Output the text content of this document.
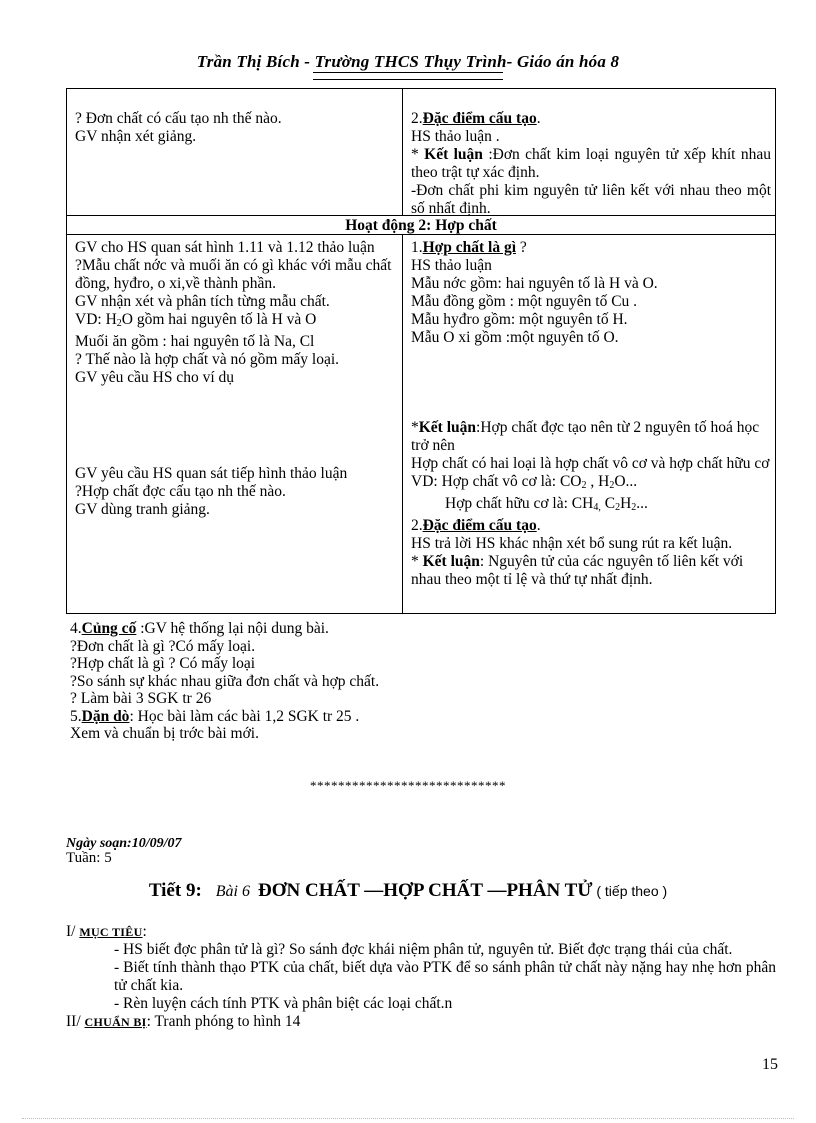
Trần Thị Bích - Trường THCS Thụy Trình- Giáo án hóa 8

? Đơn chất có cấu tạo nh thế nào.

GV nhận xét giảng.

2.Đặc điểm cấu tạo.

HS thảo luận .

* Kết luận :Đơn chất kim loại nguyên tử xếp khít nhau theo trật tự xác định.

-Đơn chất phi kim nguyên tử liên kết với nhau theo một số nhất định.

Hoạt động 2: Hợp chất

GV cho HS quan sát hình 1.11 và 1.12 thảo luận

?Mẫu chất nớc và muối ăn có gì khác với mẫu chất đồng, hyđro, o xi,về thành phần.

GV nhận xét và phân tích từng mẫu chất.

VD: $H_2O$ gồm hai nguyên tố là H và O

Muối ăn gồm : hai nguyên tố là Na, Cl

? Thế nào là hợp chất và nó gồm mấy loại.

GV yêu cầu HS cho ví dụ

GV yêu cầu HS quan sát tiếp hình thảo luận

?Hợp chất đợc cấu tạo nh thế nào.

GV dùng tranh giảng.

1.Hợp chất là gì ?

HS thảo luận

Mẫu nớc gồm: hai nguyên tố là H và O.

Mẫu đồng gồm : một nguyên tố Cu .

Mẫu hyđro gồm: một nguyên tố H.

Mẫu O xi gồm :một nguyên tố O.

*Kết luận:Hợp chất đợc tạo nên từ 2 nguyên tố hoá học trở nên

Hợp chất có hai loại là hợp chất vô cơ và hợp chất hữu cơ

VD: Hợp chất vô cơ là: $CO_2$ , $H_2O$...

Hợp chất hữu cơ là: $CH_{4,}$ $C_2H_2$...

2.Đặc điểm cấu tạo.

HS trả lời HS khác nhận xét bổ sung rút ra kết luận.

* Kết luận: Nguyên tử của các nguyên tố liên kết với nhau theo một tỉ lệ và thứ tự nhất định.

4.Củng cố :GV hệ thống lại nội dung bài.

?Đơn chất là gì ?Có mấy loại.

?Hợp chất là gì ? Có mấy loại

?So sánh sự khác nhau giữa đơn chất và hợp chất.

? Làm bài 3 SGK tr 26

5.Dặn dò: Học bài làm các bài 1,2 SGK tr 25 .

Xem và chuẩn bị trớc bài mới.

****************************
Ngày soạn:10/09/07
Tuần: 5
Tiết 9: Bài 6 ĐƠN CHẤT —HỢP CHẤT —PHÂN TỬ ( tiếp theo )

I/ MỤC TIÊU:

- HS biết đợc phân tử là gì? So sánh đợc khái niệm phân tử, nguyên tử. Biết đợc trạng thái của chất.

- Biết tính thành thạo PTK của chất, biết dựa vào PTK để so sánh phân tử chất này nặng hay nhẹ hơn phân tử chất kia.

- Rèn luyện cách tính PTK và phân biệt các loại chất.n

II/ CHUẨN BỊ: Tranh phóng to hình 14

15
